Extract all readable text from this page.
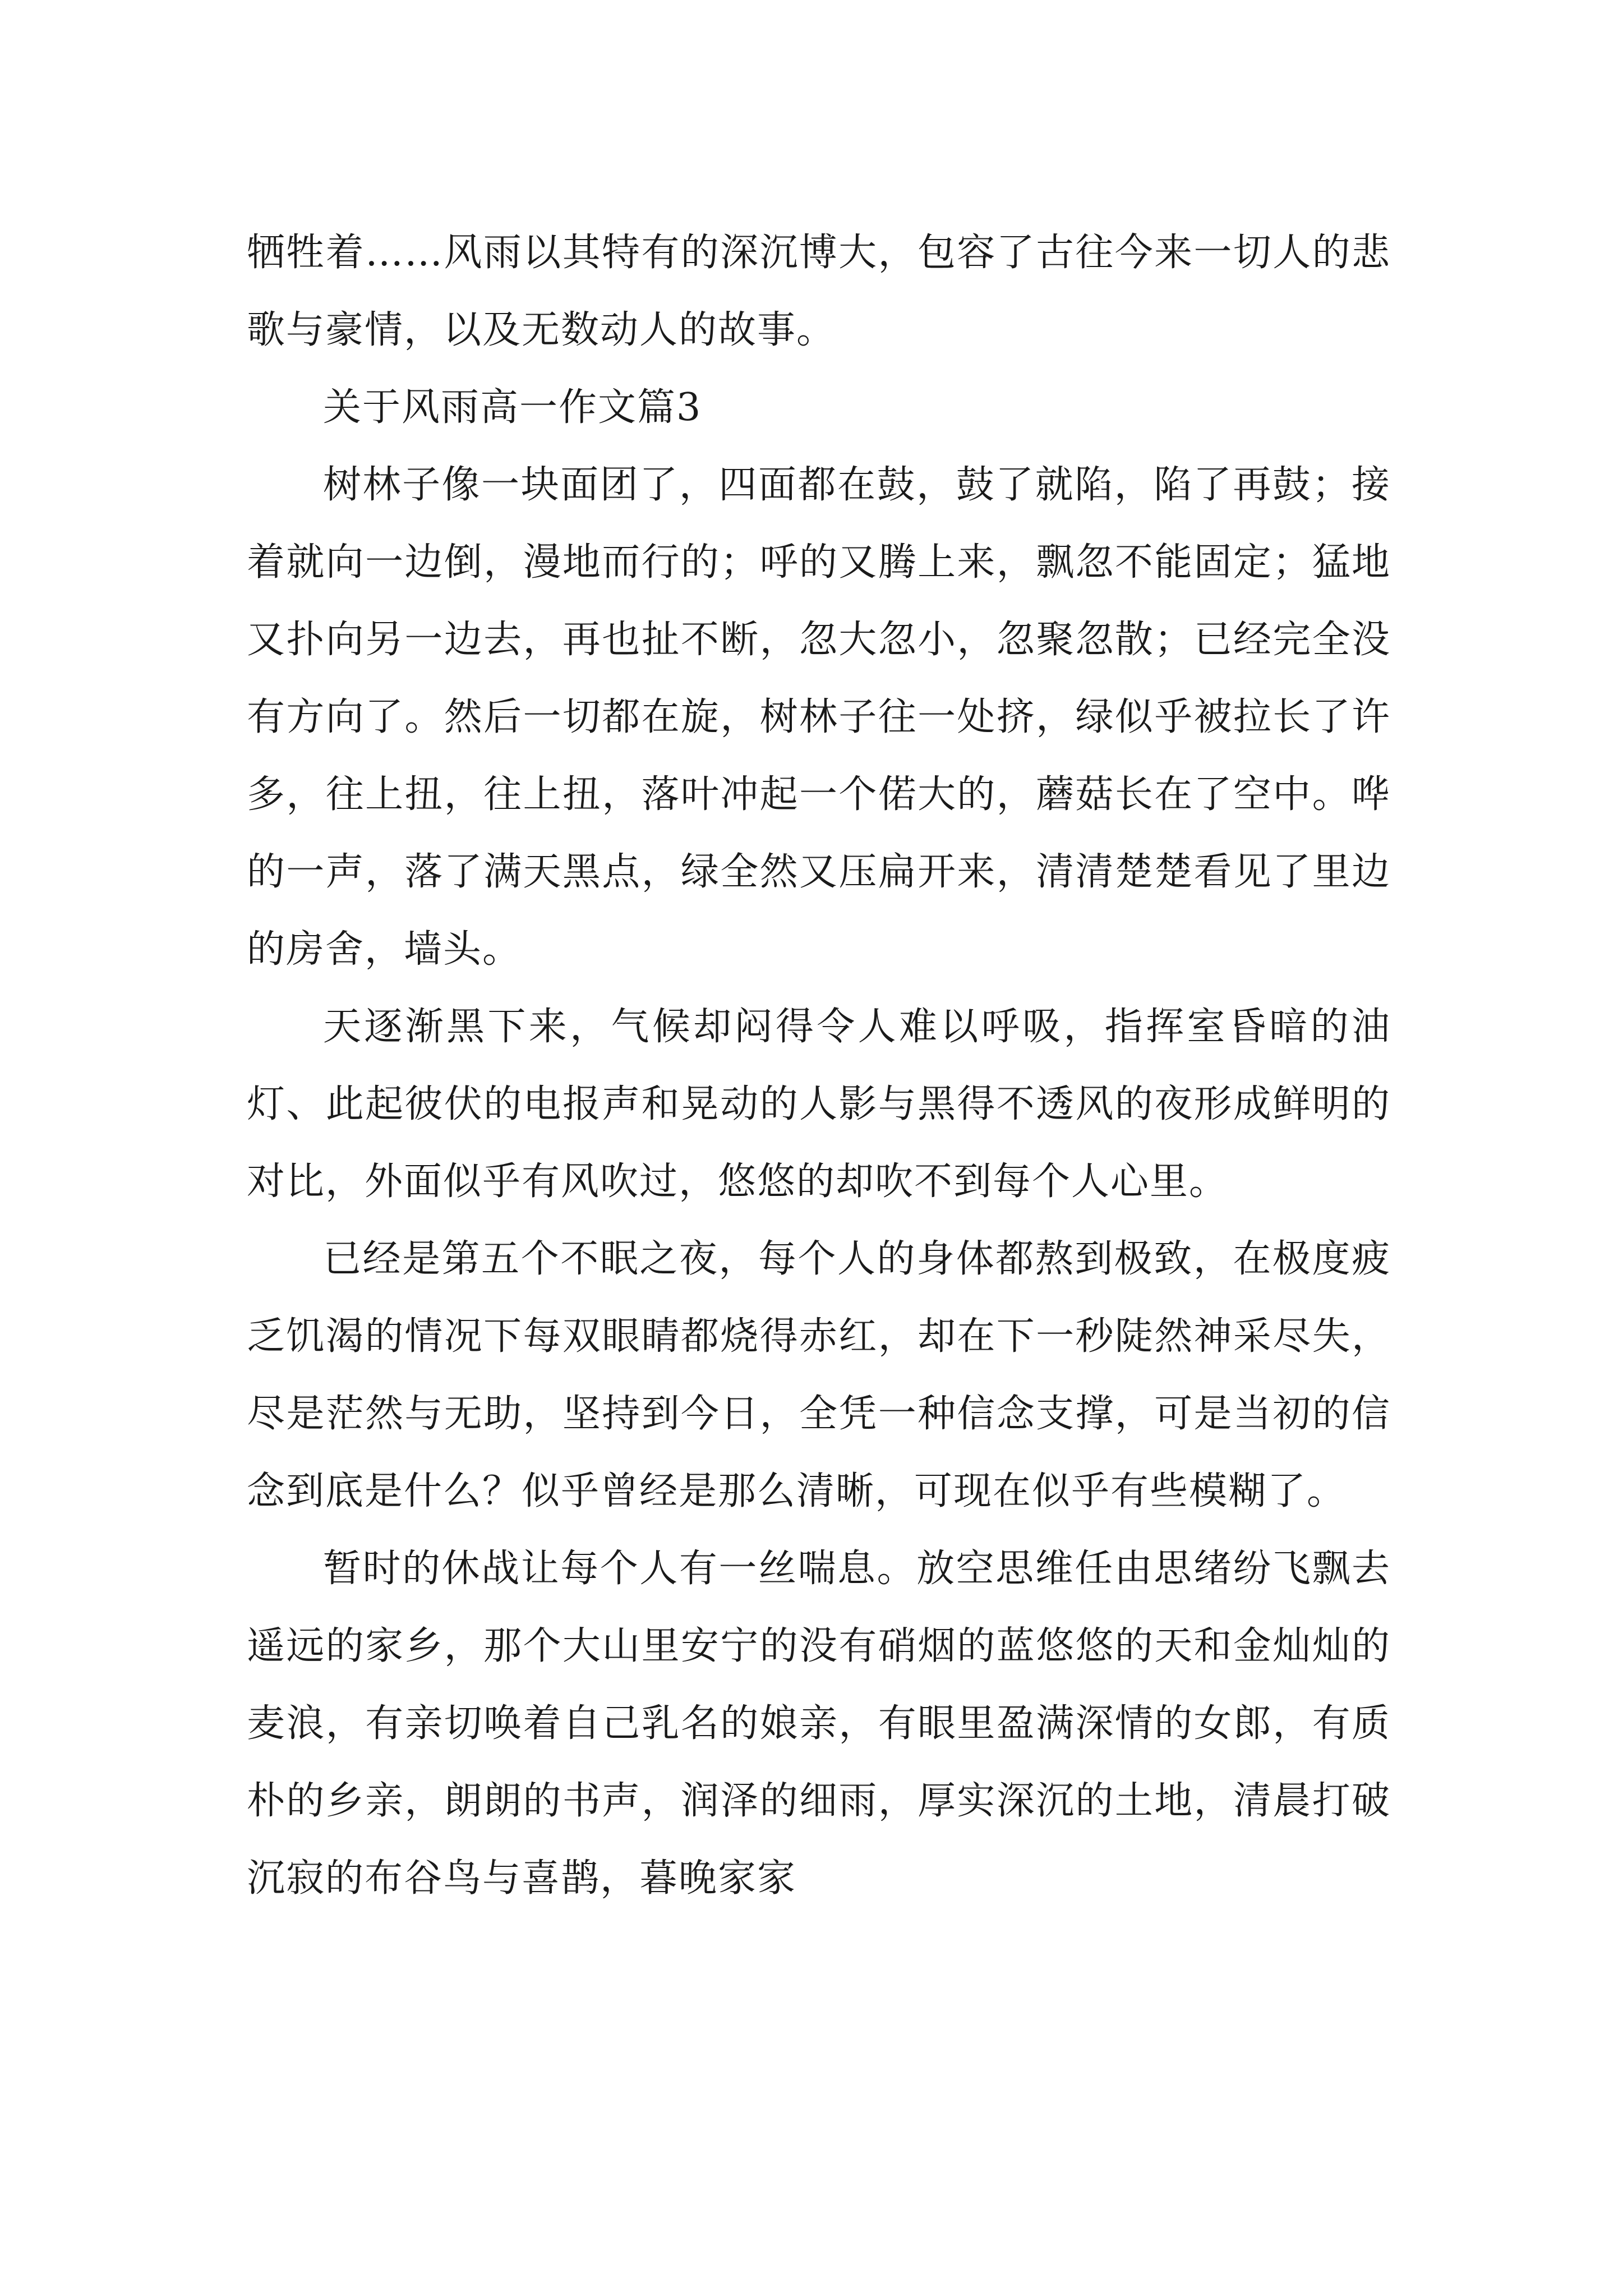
牺牲着……风雨以其特有的深沉博大，包容了古往今来一切人的悲歌与豪情，以及无数动人的故事。

关于风雨高一作文篇3

树林子像一块面团了，四面都在鼓，鼓了就陷，陷了再鼓；接着就向一边倒，漫地而行的；呼的又腾上来，飘忽不能固定；猛地又扑向另一边去，再也扯不断，忽大忽小，忽聚忽散；已经完全没有方向了。然后一切都在旋，树林子往一处挤，绿似乎被拉长了许多，往上扭，往上扭，落叶冲起一个偌大的，蘑菇长在了空中。哗的一声，落了满天黑点，绿全然又压扁开来，清清楚楚看见了里边的房舍，墙头。

天逐渐黑下来，气候却闷得令人难以呼吸，指挥室昏暗的油灯、此起彼伏的电报声和晃动的人影与黑得不透风的夜形成鲜明的对比，外面似乎有风吹过，悠悠的却吹不到每个人心里。

已经是第五个不眠之夜，每个人的身体都熬到极致，在极度疲乏饥渴的情况下每双眼睛都烧得赤红，却在下一秒陡然神采尽失，尽是茫然与无助，坚持到今日，全凭一种信念支撑，可是当初的信念到底是什么？似乎曾经是那么清晰，可现在似乎有些模糊了。

暂时的休战让每个人有一丝喘息。放空思维任由思绪纷飞飘去遥远的家乡，那个大山里安宁的没有硝烟的蓝悠悠的天和金灿灿的麦浪，有亲切唤着自己乳名的娘亲，有眼里盈满深情的女郎，有质朴的乡亲，朗朗的书声，润泽的细雨，厚实深沉的土地，清晨打破沉寂的布谷鸟与喜鹊，暮晚家家
